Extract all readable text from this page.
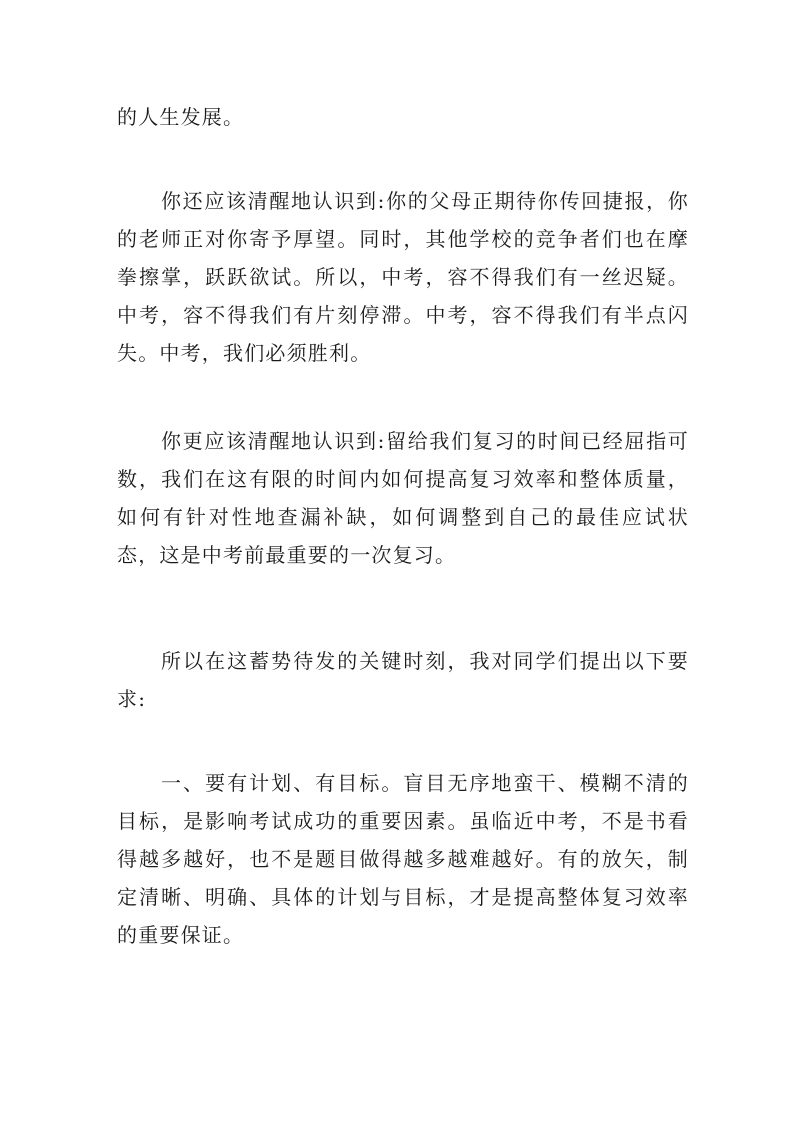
的人生发展。

你还应该清醒地认识到:你的父母正期待你传回捷报，你的老师正对你寄予厚望。同时，其他学校的竞争者们也在摩拳擦掌，跃跃欲试。所以，中考，容不得我们有一丝迟疑。中考，容不得我们有片刻停滞。中考，容不得我们有半点闪失。中考，我们必须胜利。

你更应该清醒地认识到:留给我们复习的时间已经屈指可数，我们在这有限的时间内如何提高复习效率和整体质量，如何有针对性地查漏补缺，如何调整到自己的最佳应试状态，这是中考前最重要的一次复习。

所以在这蓄势待发的关键时刻，我对同学们提出以下要求:

一、要有计划、有目标。盲目无序地蛮干、模糊不清的目标，是影响考试成功的重要因素。虽临近中考，不是书看得越多越好，也不是题目做得越多越难越好。有的放矢，制定清晰、明确、具体的计划与目标，才是提高整体复习效率的重要保证。
